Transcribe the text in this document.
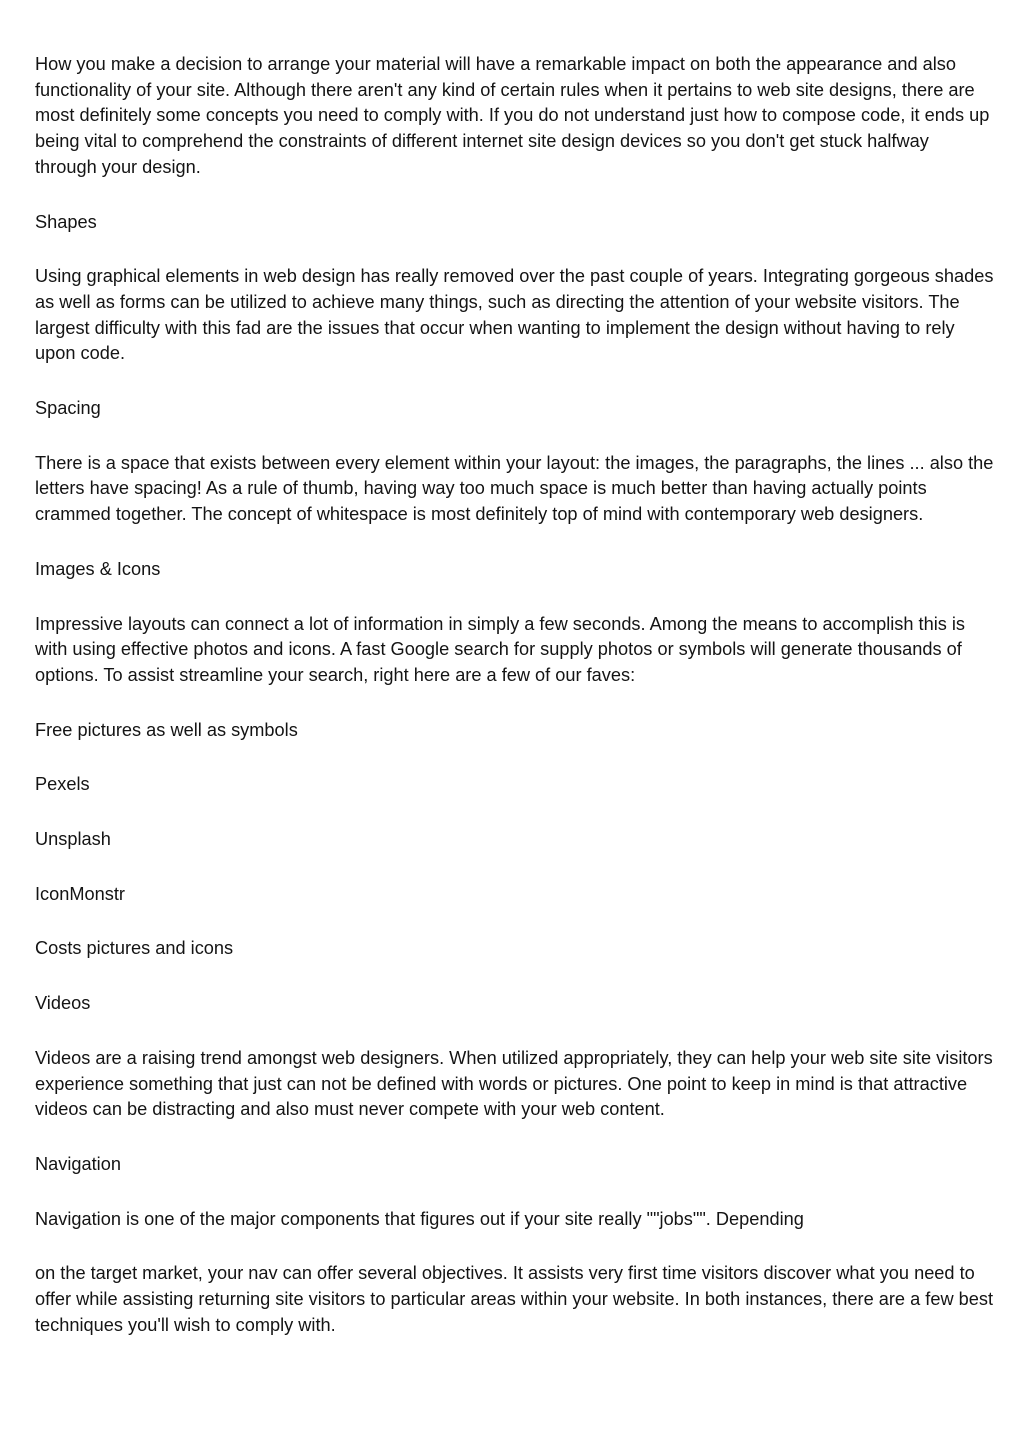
How you make a decision to arrange your material will have a remarkable impact on both the appearance and also functionality of your site. Although there aren't any kind of certain rules when it pertains to web site designs, there are most definitely some concepts you need to comply with. If you do not understand just how to compose code, it ends up being vital to comprehend the constraints of different internet site design devices so you don't get stuck halfway through your design.

Shapes

Using graphical elements in web design has really removed over the past couple of years. Integrating gorgeous shades as well as forms can be utilized to achieve many things, such as directing the attention of your website visitors. The largest difficulty with this fad are the issues that occur when wanting to implement the design without having to rely upon code.

Spacing

There is a space that exists between every element within your layout: the images, the paragraphs, the lines ... also the letters have spacing! As a rule of thumb, having way too much space is much better than having actually points crammed together. The concept of whitespace is most definitely top of mind with contemporary web designers.

Images & Icons

Impressive layouts can connect a lot of information in simply a few seconds. Among the means to accomplish this is with using effective photos and icons. A fast Google search for supply photos or symbols will generate thousands of options. To assist streamline your search, right here are a few of our faves:

Free pictures as well as symbols

Pexels

Unsplash

IconMonstr

Costs pictures and icons

Videos

Videos are a raising trend amongst web designers. When utilized appropriately, they can help your web site site visitors experience something that just can not be defined with words or pictures. One point to keep in mind is that attractive videos can be distracting and also must never compete with your web content.

Navigation

Navigation is one of the major components that figures out if your site really ""jobs"". Depending

on the target market, your nav can offer several objectives. It assists very first time visitors discover what you need to offer while assisting returning site visitors to particular areas within your website. In both instances, there are a few best techniques you'll wish to comply with.
